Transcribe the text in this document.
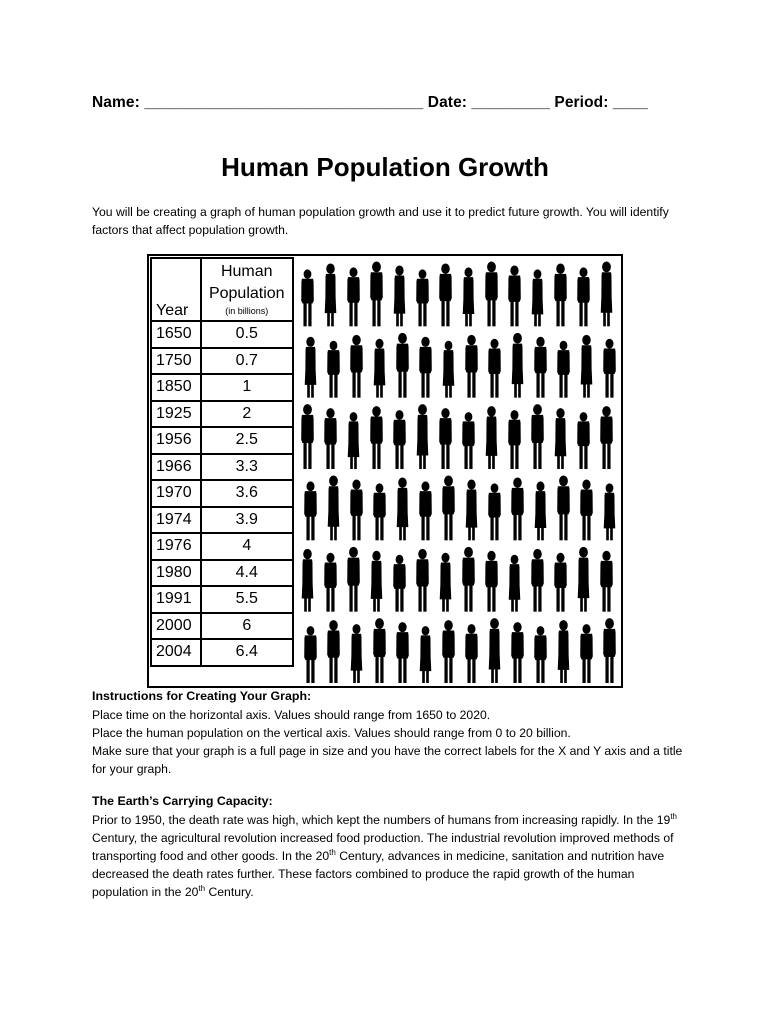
Name: ________________________________ Date: _________ Period: ____
Human Population Growth
You will be creating a graph of human population growth and use it to predict future growth. You will identify factors that affect population growth.
Year	Human
Population
(in billions)

1650	0.5
1750	0.7
1850	1
1925	2
1956	2.5
1966	3.3
1970	3.6
1974	3.9
1976	4
1980	4.4
1991	5.5
2000	6
2004	6.4
Instructions for Creating Your Graph:
Place time on the horizontal axis. Values should range from 1650 to 2020.
Place the human population on the vertical axis. Values should range from 0 to 20 billion.
Make sure that your graph is a full page in size and you have the correct labels for the X and Y axis and a title for your graph.
The Earth’s Carrying Capacity:
Prior to 1950, the death rate was high, which kept the numbers of humans from increasing rapidly. In the 19th Century, the agricultural revolution increased food production. The industrial revolution improved methods of transporting food and other goods. In the 20th Century, advances in medicine, sanitation and nutrition have decreased the death rates further. These factors combined to produce the rapid growth of the human population in the 20th Century.
